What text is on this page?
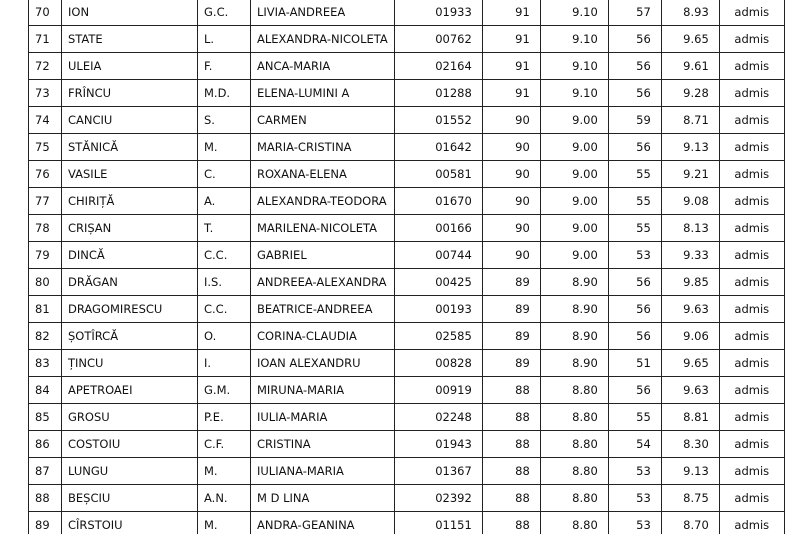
70	ION	G.C.	LIVIA-ANDREEA	01933	91	9.10	57	8.93	admis
71	STATE	L.	ALEXANDRA-NICOLETA	00762	91	9.10	56	9.65	admis
72	ULEIA	F.	ANCA-MARIA	02164	91	9.10	56	9.61	admis
73	FRÎNCU	M.D.	ELENA-LUMINI A	01288	91	9.10	56	9.28	admis
74	CANCIU	S.	CARMEN	01552	90	9.00	59	8.71	admis
75	STĂNICĂ	M.	MARIA-CRISTINA	01642	90	9.00	56	9.13	admis
76	VASILE	C.	ROXANA-ELENA	00581	90	9.00	55	9.21	admis
77	CHIRIȚĂ	A.	ALEXANDRA-TEODORA	01670	90	9.00	55	9.08	admis
78	CRIȘAN	T.	MARILENA-NICOLETA	00166	90	9.00	55	8.13	admis
79	DINCĂ	C.C.	GABRIEL	00744	90	9.00	53	9.33	admis
80	DRĂGAN	I.S.	ANDREEA-ALEXANDRA	00425	89	8.90	56	9.85	admis
81	DRAGOMIRESCU	C.C.	BEATRICE-ANDREEA	00193	89	8.90	56	9.63	admis
82	ȘOTÎRCĂ	O.	CORINA-CLAUDIA	02585	89	8.90	56	9.06	admis
83	ȚINCU	I.	IOAN ALEXANDRU	00828	89	8.90	51	9.65	admis
84	APETROAEI	G.M.	MIRUNA-MARIA	00919	88	8.80	56	9.63	admis
85	GROSU	P.E.	IULIA-MARIA	02248	88	8.80	55	8.81	admis
86	COSTOIU	C.F.	CRISTINA	01943	88	8.80	54	8.30	admis
87	LUNGU	M.	IULIANA-MARIA	01367	88	8.80	53	9.13	admis
88	BEȘCIU	A.N.	M D LINA	02392	88	8.80	53	8.75	admis
89	CÎRSTOIU	M.	ANDRA-GEANINA	01151	88	8.80	53	8.70	admis
